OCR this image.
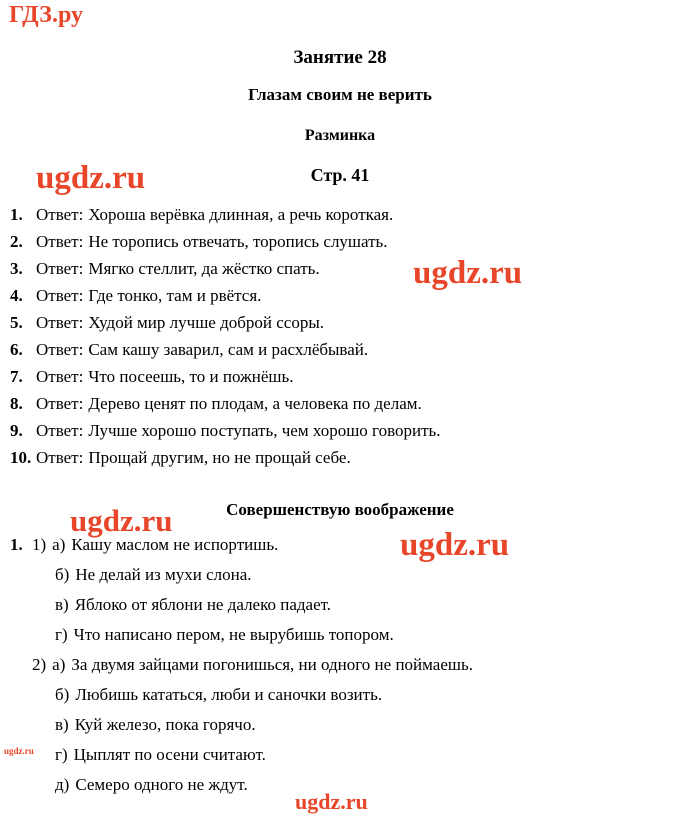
ГДЗ.ру
ugdz.ru
ugdz.ru
ugdz.ru
ugdz.ru
ugdz.ru
ugdz.ru
Занятие 28
Глазам своим не верить
Разминка
Стр. 41
1. Ответ: Хороша верёвка длинная, а речь короткая.
2. Ответ: Не торопись отвечать, торопись слушать.
3. Ответ: Мягко стеллит, да жёстко спать.
4. Ответ: Где тонко, там и рвётся.
5. Ответ: Худой мир лучше доброй ссоры.
6. Ответ: Сам кашу заварил, сам и расхлёбывай.
7. Ответ: Что посеешь, то и пожнёшь.
8. Ответ: Дерево ценят по плодам, а человека по делам.
9. Ответ: Лучше хорошо поступать, чем хорошо говорить.
10. Ответ: Прощай другим, но не прощай себе.
Совершенствую воображение
1. 1) а) Кашу маслом не испортишь.
б) Не делай из мухи слона.
в) Яблоко от яблони не далеко падает.
г) Что написано пером, не вырубишь топором.
2) а) За двумя зайцами погонишься, ни одного не поймаешь.
б) Любишь кататься, люби и саночки возить.
в) Куй железо, пока горячо.
г) Цыплят по осени считают.
д) Семеро одного не ждут.
